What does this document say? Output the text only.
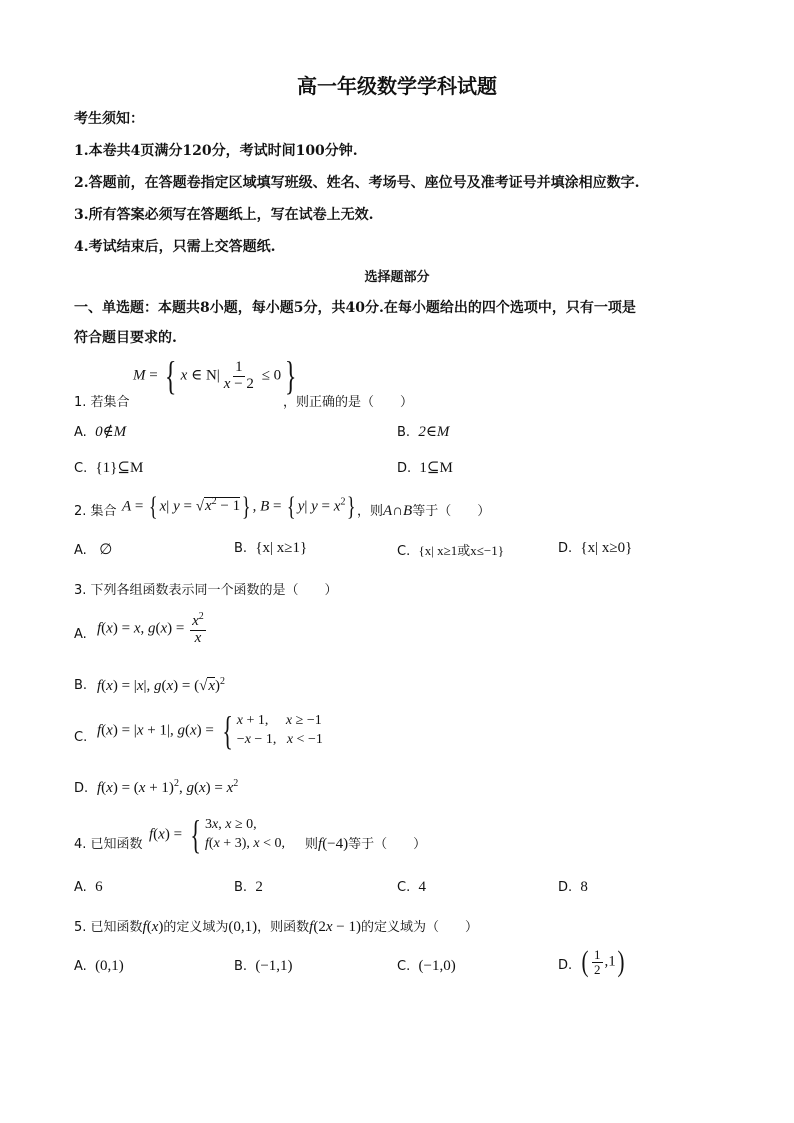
高一年级数学学科试题
考生须知：
1.本卷共4页满分120分，考试时间100分钟.
2.答题前，在答题卷指定区域填写班级、姓名、考场号、座位号及准考证号并填涂相应数字.
3.所有答案必须写在答题纸上，写在试卷上无效.
4.考试结束后，只需上交答题纸.
选择题部分
一、单选题：本题共8小题，每小题5分，共40分.在每小题给出的四个选项中，只有一项是
符合题目要求的.
1. 若集合
M = { x ∈ $N| \frac{1}{x - 2} \le 0$}
，则正确的是（　　）
A. 0∉M	B. 2∈M
C. {1}⊆M	D. 1⊆M
2. 集合 A = { x| $y = √x^2 - 1$} , B = { y| $y = x^2$} ，则A∩B等于（　　）
A. ∅	B. {x| x≥1}	C. {x| x≥1或x≤−1}	D. {x| x≥0}
3. 下列各组函数表示同一个函数的是（　　）
A. f(x) = x, $g(x) = \frac{x^2}{x}$
B. f(x) = |x|, $g(x) = (√x)^2$
C. f(x) = |x + 1|, g(x) = { x + 1,     x ≥ −1
−x − 1,   x < −1
D. $f(x) = (x + 1)^2$, $g(x) = x^2$
4. 已知函数
f(x) = { 3x, x ≥ 0,
f(x + 3), x < 0, 则f(−4)等于（　　）
A. 6	B. 2	C. 4	D. 8
5. 已知函数f(x)的定义域为(0,1)，则函数f(2x − 1)的定义域为（　　）
A. (0,1)	B. (−1,1)	C. (−1,0)	D. ( $\frac{1}{2} ,1$)
